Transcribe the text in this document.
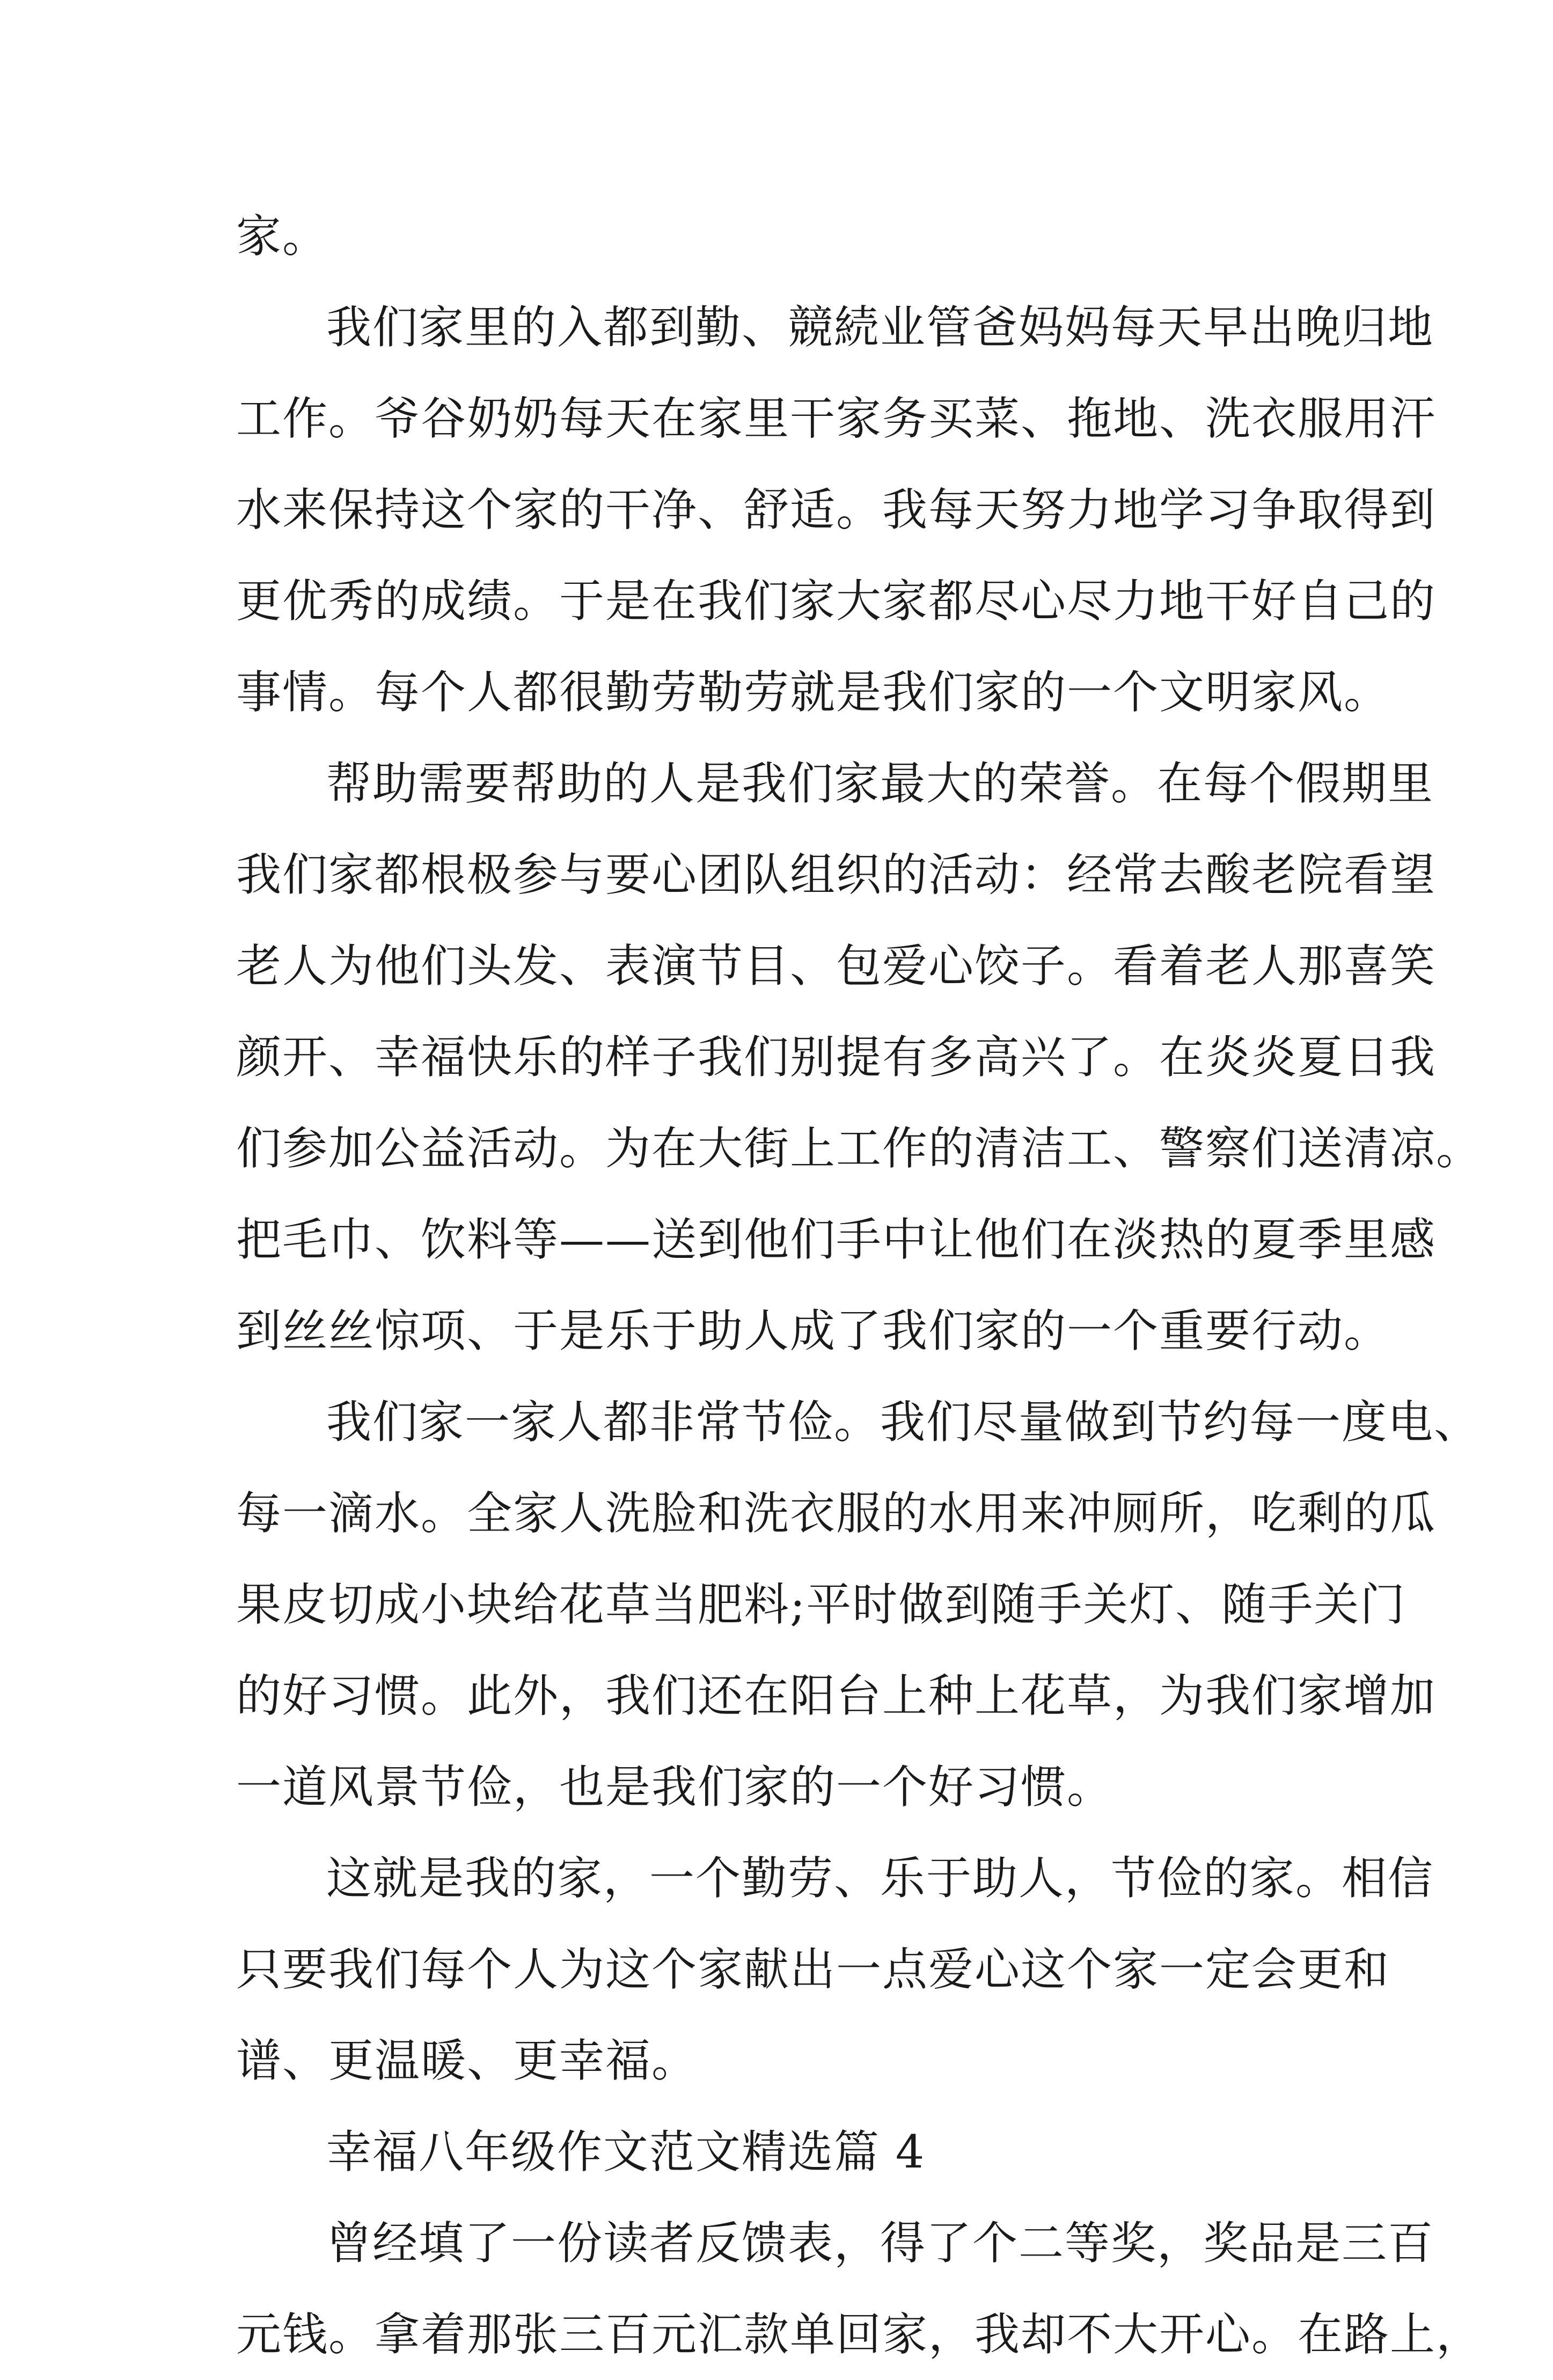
家。
我们家里的入都到勤、競続业管爸妈妈每天早出晚归地
工作。爷谷奶奶每天在家里干家务买菜、拖地、洗衣服用汗
水来保持这个家的干净、舒适。我每天努力地学习争取得到
更优秀的成绩。于是在我们家大家都尽心尽力地干好自己的
事情。每个人都很勤劳勒劳就是我们家的一个文明家风。
帮助需要帮助的人是我们家最大的荣誉。在每个假期里
我们家都根极参与要心团队组织的活动：经常去酸老院看望
老人为他们头发、表演节目、包爱心饺子。看着老人那喜笑
颜开、幸福快乐的样子我们别提有多高兴了。在炎炎夏日我
们参加公益活动。为在大街上工作的清洁工、警察们送清凉。
把毛巾、饮料等——送到他们手中让他们在淡热的夏季里感
到丝丝惊项、于是乐于助人成了我们家的一个重要行动。
我们家一家人都非常节俭。我们尽量做到节约每一度电、
每一滴水。全家人洗脸和洗衣服的水用来冲厕所，吃剩的瓜
果皮切成小块给花草当肥料;平时做到随手关灯、随手关门
的好习惯。此外，我们还在阳台上种上花草，为我们家增加
一道风景节俭，也是我们家的一个好习惯。
这就是我的家，一个勤劳、乐于助人，节俭的家。相信
只要我们每个人为这个家献出一点爱心这个家一定会更和
谱、更温暖、更幸福。
幸福八年级作文范文精选篇 4
曾经填了一份读者反馈表，得了个二等奖，奖品是三百
元钱。拿着那张三百元汇款单回家，我却不大开心。在路上，
